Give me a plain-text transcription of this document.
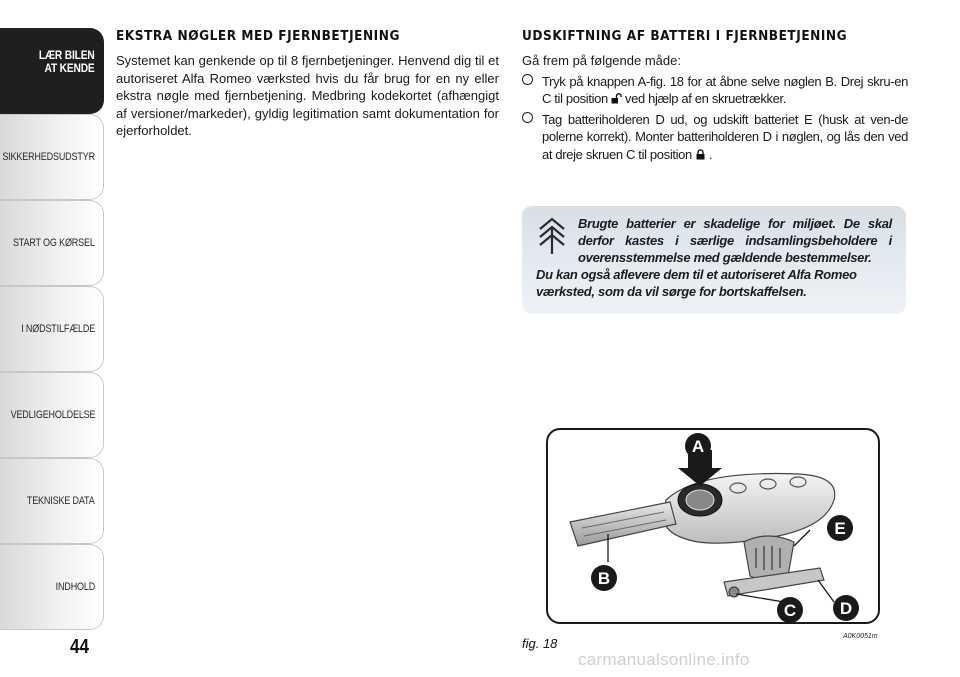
LÆR BILEN
AT KENDE
SIKKERHEDSUDSTYR
START OG KØRSEL
I NØDSTILFÆLDE
VEDLIGEHOLDELSE
TEKNISKE DATA
INDHOLD
44
EKSTRA NØGLER MED FJERNBETJENING

Systemet kan genkende op til 8 fjernbetjeninger. Henvend dig til et autoriseret Alfa Romeo værksted hvis du får brug for en ny eller ekstra nøgle med fjernbetjening. Medbring kodekortet (afhængigt af versioner/markeder), gyldig legitimation samt dokumentation for ejerforholdet.

UDSKIFTNING AF BATTERI I FJERNBETJENING

Gå frem på følgende måde:

Tryk på knappen A-fig. 18 for at åbne selve nøglen B. Drej skru-en C til position ved hjælp af en skruetrækker.
Tag batteriholderen D ud, og udskift batteriet E (husk at ven-de polerne korrekt). Monter batteriholderen D i nøglen, og lås den ved at dreje skruen C til position .
Brugte batterier er skadelige for miljøet. De skal derfor kastes i særlige indsamlingsbeholdere i overensstemmelse med gældende bestemmelser.
Du kan også aflevere dem til et autoriseret Alfa Romeo værksted, som da vil sørge for bortskaffelsen.
A
B
E
C	D
fig. 18	A0K0051m
carmanualsonline.info
